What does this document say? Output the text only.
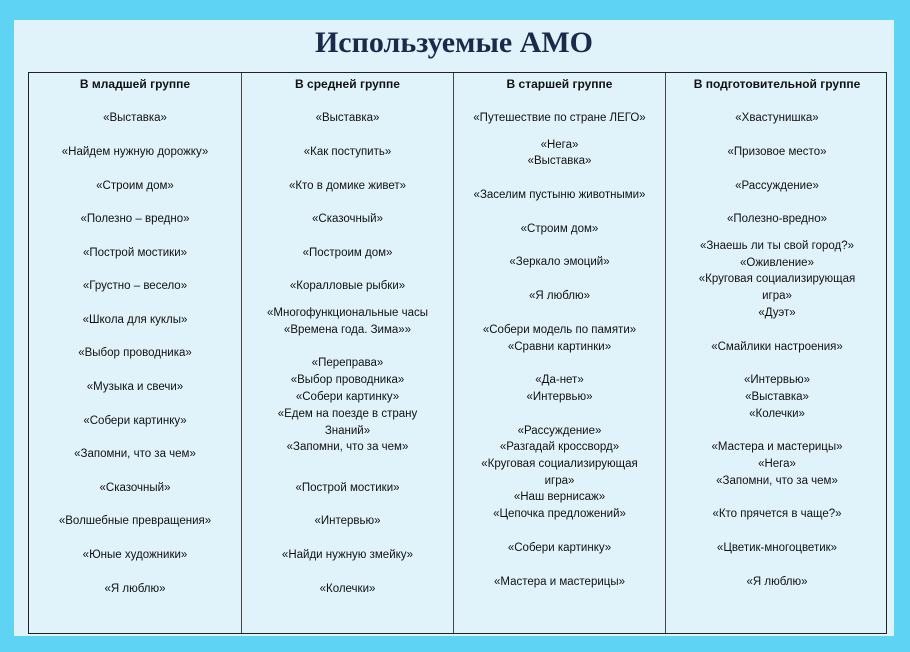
Используемые АМО
В младшей группе
«Выставка»
«Найдем нужную дорожку»
«Строим дом»
«Полезно – вредно»
«Построй мостики»
«Грустно – весело»
«Школа для куклы»
«Выбор проводника»
«Музыка и свечи»
«Собери картинку»
«Запомни, что за чем»
«Сказочный»
«Волшебные превращения»
«Юные художники»
«Я люблю»
В средней группе
«Выставка»
«Как поступить»
«Кто в домике живет»
«Сказочный»
«Построим дом»
«Коралловые рыбки»
«Многофункциональные часы
«Времена года. Зима»»
«Переправа»
«Выбор проводника»
«Собери картинку»
«Едем на поезде в страну
Знаний»
«Запомни, что за чем»
«Построй мостики»
«Интервью»
«Найди нужную змейку»
«Колечки»
В старшей группе
«Путешествие по стране ЛЕГО»
«Нега»
«Выставка»
«Заселим пустыню животными»
«Строим дом»
«Зеркало эмоций»
«Я люблю»
«Собери модель по памяти»
«Сравни картинки»
«Да-нет»
«Интервью»
«Рассуждение»
«Разгадай кроссворд»
«Круговая социализирующая
игра»
«Наш вернисаж»
«Цепочка предложений»
«Собери картинку»
«Мастера и мастерицы»
В подготовительной группе
«Хвастунишка»
«Призовое место»
«Рассуждение»
«Полезно-вредно»
«Знаешь ли ты свой город?»
«Оживление»
«Круговая социализирующая
игра»
«Дуэт»
«Смайлики настроения»
«Интервью»
«Выставка»
«Колечки»
«Мастера и мастерицы»
«Нега»
«Запомни, что за чем»
«Кто прячется в чаще?»
«Цветик-многоцветик»
«Я люблю»
